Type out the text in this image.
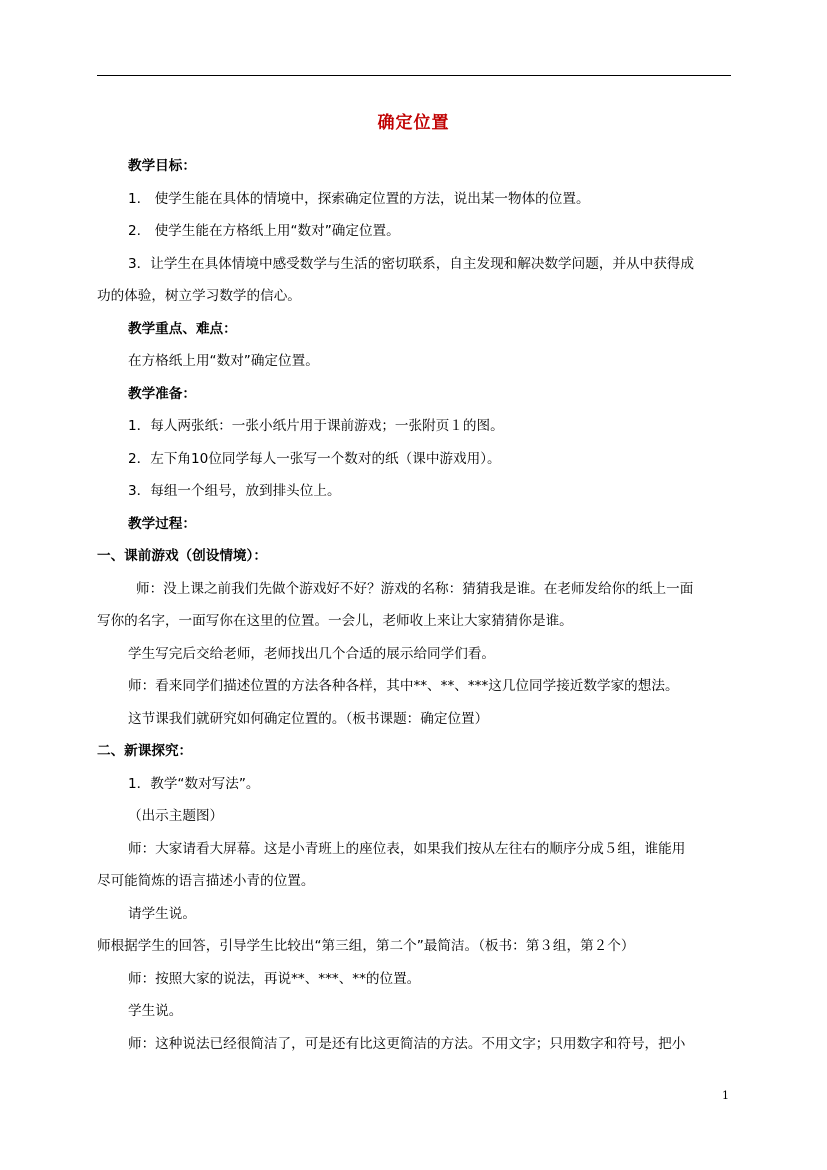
确定位置

教学目标：

1.　使学生能在具体的情境中，探索确定位置的方法，说出某一物体的位置。

2.　使学生能在方格纸上用“数对”确定位置。

3．让学生在具体情境中感受数学与生活的密切联系，自主发现和解决数学问题，并从中获得成

功的体验，树立学习数学的信心。

教学重点、难点：

在方格纸上用“数对”确定位置。

教学准备：

1．每人两张纸：一张小纸片用于课前游戏；一张附页１的图。

2．左下角10位同学每人一张写一个数对的纸（课中游戏用）。

3．每组一个组号，放到排头位上。

教学过程：

一、课前游戏（创设情境）：

师：没上课之前我们先做个游戏好不好？游戏的名称：猜猜我是谁。在老师发给你的纸上一面

写你的名字，一面写你在这里的位置。一会儿，老师收上来让大家猜猜你是谁。

学生写完后交给老师，老师找出几个合适的展示给同学们看。

师：看来同学们描述位置的方法各种各样，其中**、**、***这几位同学接近数学家的想法。

这节课我们就研究如何确定位置的。（板书课题：确定位置）

二、新课探究：

1．教学“数对写法”。

（出示主题图）

师：大家请看大屏幕。这是小青班上的座位表，如果我们按从左往右的顺序分成５组，谁能用

尽可能简炼的语言描述小青的位置。

请学生说。

师根据学生的回答，引导学生比较出“第三组，第二个”最简洁。（板书：第３组，第２个）

师：按照大家的说法，再说**、***、**的位置。

学生说。

师：这种说法已经很简洁了，可是还有比这更简洁的方法。不用文字；只用数字和符号，把小

1
